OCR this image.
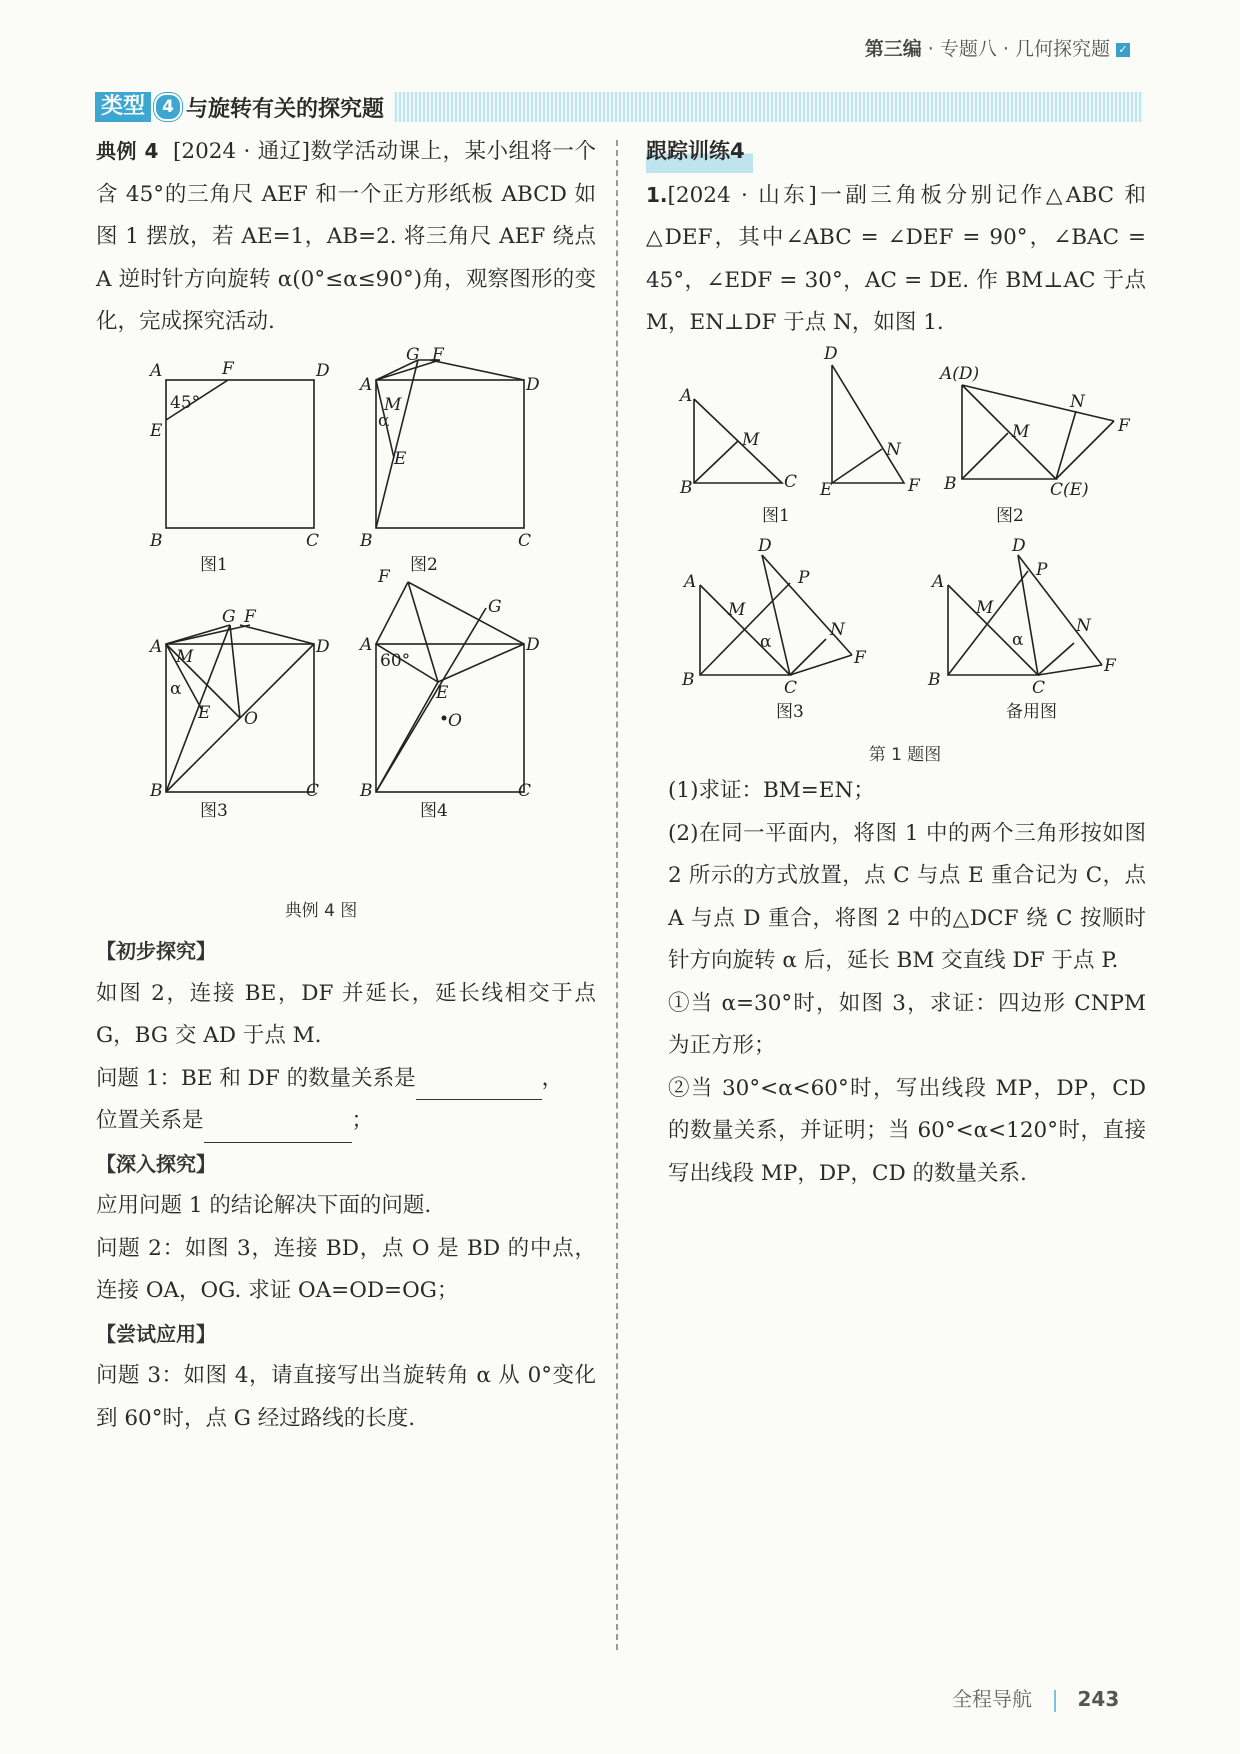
第三编 · 专题八 · 几何探究题 ✓
类型	4 与旋转有关的探究题

典例 4 [2024 · 通辽]数学活动课上，某小组将一个含 45°的三角尺 AEF 和一个正方形纸板 ABCD 如图 1 摆放，若 AE=1，AB=2. 将三角尺 AEF 绕点 A 逆时针方向旋转 α(0°≤α≤90°)角，观察图形的变化，完成探究活动.

A	F	D
45°
E
B	C
图1
A
G F
D
M
α
E
B	C
图2
A
G F
D
M
α
E O
B	C
图3
F
G
A	D
60°
E
O
B	C
图4
典例 4 图

【初步探究】

如图 2，连接 BE，DF 并延长，延长线相交于点 G，BG 交 AD 于点 M.

问题 1：BE 和 DF 的数量关系是	，

位置关系是	；

【深入探究】

应用问题 1 的结论解决下面的问题.

问题 2：如图 3，连接 BD，点 O 是 BD 的中点，连接 OA，OG. 求证 OA=OD=OG；

【尝试应用】

问题 3：如图 4，请直接写出当旋转角 α 从 0°变化到 60°时，点 G 经过路线的长度.

跟踪训练4

1.[2024 · 山东]一副三角板分别记作△ABC 和△DEF，其中∠ABC = ∠DEF = 90°，∠BAC = 45°，∠EDF = 30°，AC = DE. 作 BM⊥AC 于点 M，EN⊥DF 于点 N，如图 1.

A
M
B	C
D
N
E	F
图1
A(D)
N
M	F
B	C(E)
图2
D
A	P
M
N
α
B	C
F
图3
D
A
P
M
N
α
B	C
F
备用图
第 1 题图

(1)求证：BM=EN；

(2)在同一平面内，将图 1 中的两个三角形按如图 2 所示的方式放置，点 C 与点 E 重合记为 C，点 A 与点 D 重合，将图 2 中的△DCF 绕 C 按顺时针方向旋转 α 后，延长 BM 交直线 DF 于点 P.

①当 α=30°时，如图 3，求证：四边形 CNPM 为正方形；

②当 30°<α<60°时，写出线段 MP，DP，CD 的数量关系，并证明；当 60°<α<120°时，直接写出线段 MP，DP，CD 的数量关系.

全程导航 243
